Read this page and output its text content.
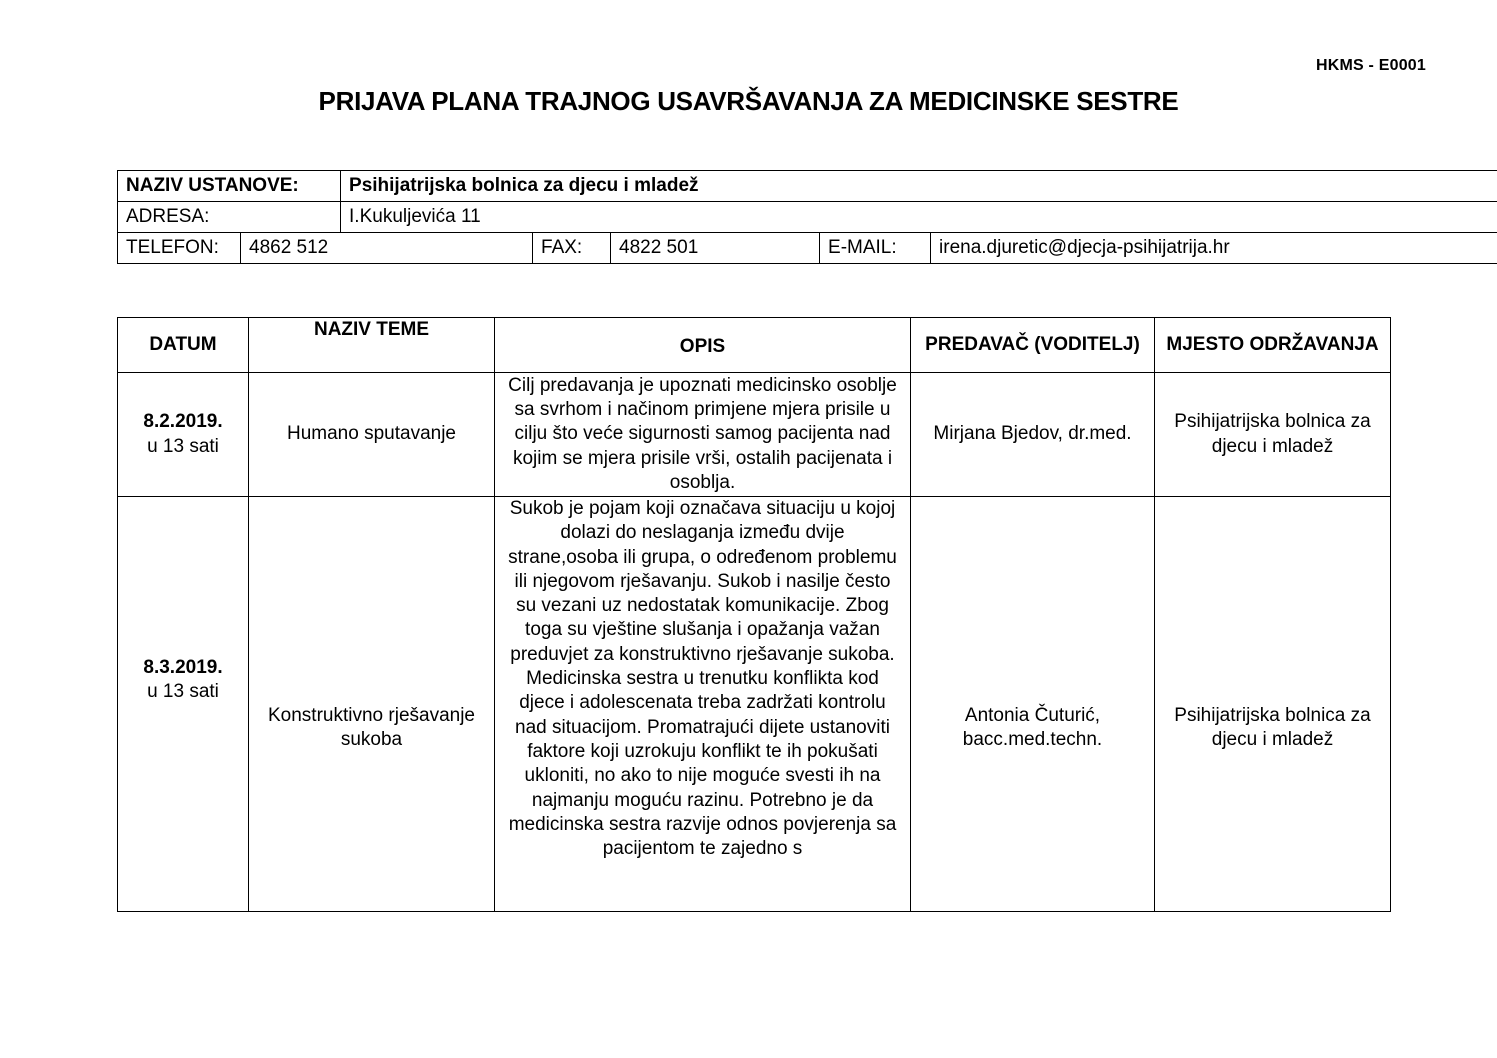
HKMS - E0001
PRIJAVA PLANA TRAJNOG USAVRŠAVANJA ZA MEDICINSKE SESTRE
NAZIV USTANOVE:		Psihijatrijska bolnica za djecu i mladež				
ADRESA:		I.Kukuljevića 11				
TELEFON:	4862 512		FAX:	4822 501	E-MAIL:	irena.djuretic@djecja-psihijatrija.hr
DATUM	NAZIV TEME	OPIS	PREDAVAČ (VODITELJ)	MJESTO ODRŽAVANJA

8.2.2019.
u 13 sati	Humano sputavanje	Cilj predavanja je upoznati medicinsko osoblje sa svrhom i načinom primjene mjera prisile u cilju što veće sigurnosti samog pacijenta nad kojim se mjera prisile vrši, ostalih pacijenata i osoblja.	Mirjana Bjedov, dr.med.	Psihijatrijska bolnica za djecu i mladež

8.3.2019.
u 13 sati	Konstruktivno rješavanje sukoba	Sukob je pojam koji označava situaciju u kojoj dolazi do neslaganja između dvije strane,osoba ili grupa, o određenom problemu ili njegovom rješavanju. Sukob i nasilje često su vezani uz nedostatak komunikacije. Zbog toga su vještine slušanja i opažanja važan preduvjet za konstruktivno rješavanje sukoba. Medicinska sestra u trenutku konflikta kod djece i adolescenata treba zadržati kontrolu nad situacijom. Promatrajući dijete ustanoviti faktore koji uzrokuju konflikt te ih pokušati ukloniti, no ako to nije moguće svesti ih na najmanju moguću razinu. Potrebno je da medicinska sestra razvije odnos povjerenja sa pacijentom te zajedno s	Antonia Čuturić, bacc.med.techn.	Psihijatrijska bolnica za djecu i mladež
